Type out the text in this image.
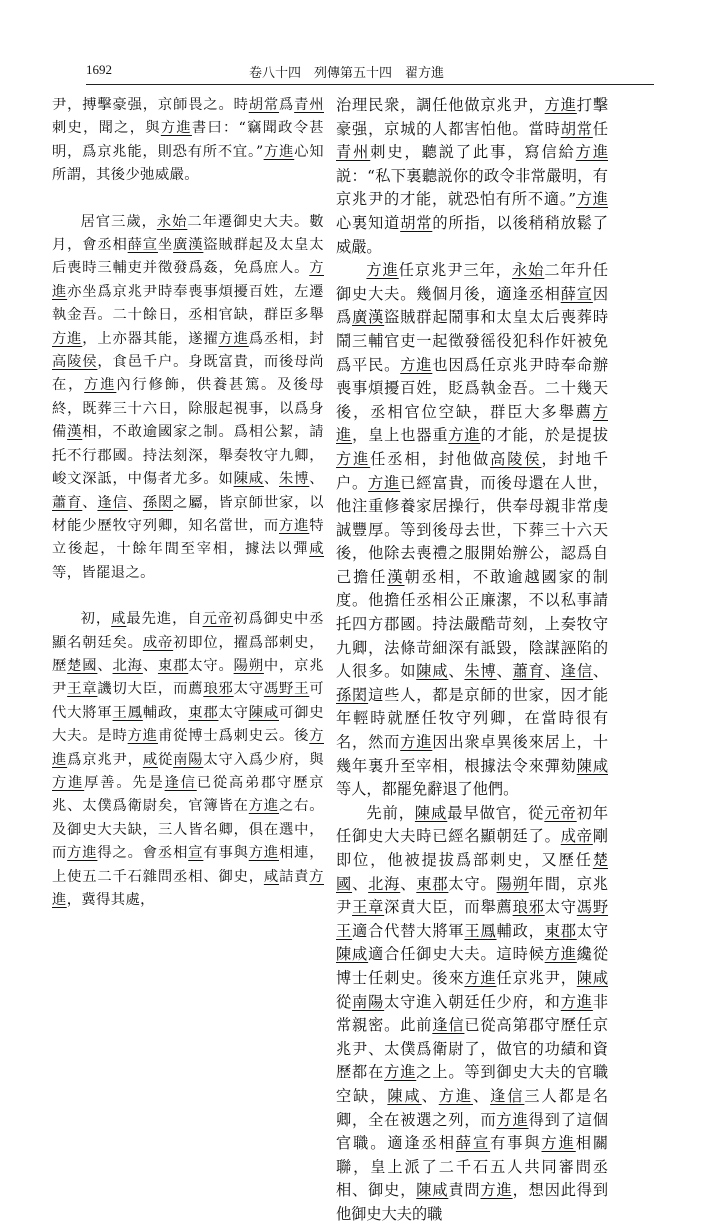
1692	卷八十四　列傳第五十四　翟方進

尹，搏擊豪强，京師畏之。時胡常爲青州刺史，聞之，與方進書曰：“竊聞政令甚明，爲京兆能，則恐有所不宜。”方進心知所謂，其後少弛威嚴。

居官三歲，永始二年遷御史大夫。數月，會丞相薛宣坐廣漢盜賊群起及太皇太后喪時三輔吏并徵發爲姦，免爲庶人。方進亦坐爲京兆尹時奉喪事煩擾百姓，左遷執金吾。二十餘日，丞相官缺，群臣多舉方進，上亦器其能，遂擢方進爲丞相，封高陵侯，食邑千户。身既富貴，而後母尚在，方進內行修飾，供養甚篤。及後母終，既葬三十六日，除服起視事，以爲身備漢相，不敢逾國家之制。爲相公絜，請托不行郡國。持法刻深，舉奏牧守九卿，峻文深詆，中傷者尤多。如陳咸、朱博、蕭育、逢信、孫閎之屬，皆京師世家，以材能少歷牧守列卿，知名當世，而方進特立後起，十餘年間至宰相，據法以彈咸等，皆罷退之。

初，咸最先進，自元帝初爲御史中丞顯名朝廷矣。成帝初即位，擢爲部刺史，歷楚國、北海、東郡太守。陽朔中，京兆尹王章譏切大臣，而薦琅邪太守馮野王可代大將軍王鳳輔政，東郡太守陳咸可御史大夫。是時方進甫從博士爲刺史云。後方進爲京兆尹，咸從南陽太守入爲少府，與方進厚善。先是逢信已從高弟郡守歷京兆、太僕爲衛尉矣，官簿皆在方進之右。及御史大夫缺，三人皆名卿，俱在選中，而方進得之。會丞相宣有事與方進相連，上使五二千石雜問丞相、御史，咸詰責方進，冀得其處，

治理民衆，調任他做京兆尹，方進打擊豪强，京城的人都害怕他。當時胡常任青州刺史，聽説了此事，寫信給方進説：“私下裏聽説你的政令非常嚴明，有京兆尹的才能，就恐怕有所不適。”方進心裏知道胡常的所指，以後稍稍放鬆了威嚴。

方進任京兆尹三年，永始二年升任御史大夫。幾個月後，適逢丞相薛宣因爲廣漢盜賊群起鬧事和太皇太后喪葬時鬧三輔官吏一起徵發徭役犯科作奸被免爲平民。方進也因爲任京兆尹時奉命辦喪事煩擾百姓，貶爲執金吾。二十幾天後，丞相官位空缺，群臣大多舉薦方進，皇上也器重方進的才能，於是提拔方進任丞相，封他做高陵侯，封地千户。方進已經富貴，而後母還在人世，他注重修養家居操行，供奉母親非常虔誠豐厚。等到後母去世，下葬三十六天後，他除去喪禮之服開始辦公，認爲自己擔任漢朝丞相，不敢逾越國家的制度。他擔任丞相公正廉潔，不以私事請托四方郡國。持法嚴酷苛刻，上奏牧守九卿，法條苛細深有詆毀，陰謀誣陷的人很多。如陳咸、朱博、蕭育、逢信、孫閎這些人，都是京師的世家，因才能年輕時就歷任牧守列卿，在當時很有名，然而方進因出衆卓異後來居上，十幾年裏升至宰相，根據法令來彈劾陳咸等人，都罷免辭退了他們。

先前，陳咸最早做官，從元帝初年任御史大夫時已經名顯朝廷了。成帝剛即位，他被提拔爲部刺史，又歷任楚國、北海、東郡太守。陽朔年間，京兆尹王章深責大臣，而舉薦琅邪太守馮野王適合代替大將軍王鳳輔政，東郡太守陳咸適合任御史大夫。這時候方進纔從博士任刺史。後來方進任京兆尹，陳咸從南陽太守進入朝廷任少府，和方進非常親密。此前逢信已從高第郡守歷任京兆尹、太僕爲衛尉了，做官的功績和資歷都在方進之上。等到御史大夫的官職空缺，陳咸、方進、逢信三人都是名卿，全在被選之列，而方進得到了這個官職。適逢丞相薛宣有事與方進相關聯，皇上派了二千石五人共同審問丞相、御史，陳咸責問方進，想因此得到他御史大夫的職
